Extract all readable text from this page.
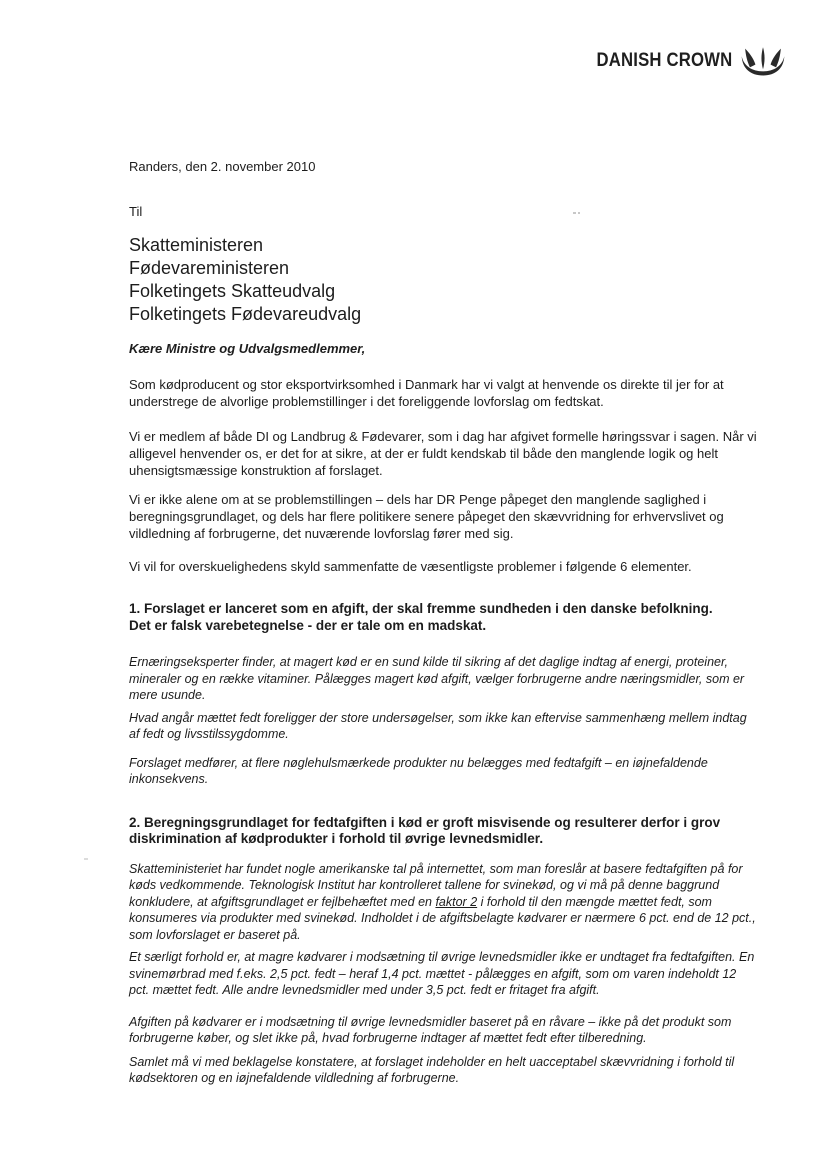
DANISH CROWN
Randers, den 2. november 2010
Til
Skatteministeren
Fødevareministeren
Folketingets Skatteudvalg
Folketingets Fødevareudvalg
Kære Ministre og Udvalgsmedlemmer,

Som kødproducent og stor eksportvirksomhed i Danmark har vi valgt at henvende os direkte til jer for at understrege de alvorlige problemstillinger i det foreliggende lovforslag om fedtskat.

Vi er medlem af både DI og Landbrug & Fødevarer, som i dag har afgivet formelle høringssvar i sagen. Når vi alligevel henvender os, er det for at sikre, at der er fuldt kendskab til både den manglende logik og helt uhensigtsmæssige konstruktion af forslaget.

Vi er ikke alene om at se problemstillingen – dels har DR Penge påpeget den manglende saglighed i beregningsgrundlaget, og dels har flere politikere senere påpeget den skævvridning for erhvervslivet og vildledning af forbrugerne, det nuværende lovforslag fører med sig.

Vi vil for overskuelighedens skyld sammenfatte de væsentligste problemer i følgende 6 elementer.

1. Forslaget er lanceret som en afgift, der skal fremme sundheden i den danske befolkning.
Det er falsk varebetegnelse - der er tale om en madskat.

Ernæringseksperter finder, at magert kød er en sund kilde til sikring af det daglige indtag af energi, proteiner, mineraler og en række vitaminer. Pålægges magert kød afgift, vælger forbrugerne andre næringsmidler, som er mere usunde.

Hvad angår mættet fedt foreligger der store undersøgelser, som ikke kan eftervise sammenhæng mellem indtag af fedt og livsstilssygdomme.

Forslaget medfører, at flere nøglehulsmærkede produkter nu belægges med fedtafgift – en iøjnefaldende inkonsekvens.

2. Beregningsgrundlaget for fedtafgiften i kød er groft misvisende og resulterer derfor i grov
diskrimination af kødprodukter i forhold til øvrige levnedsmidler.

Skatteministeriet har fundet nogle amerikanske tal på internettet, som man foreslår at basere fedtafgiften på for køds vedkommende. Teknologisk Institut har kontrolleret tallene for svinekød, og vi må på denne baggrund konkludere, at afgiftsgrundlaget er fejlbehæftet med en faktor 2 i forhold til den mængde mættet fedt, som konsumeres via produkter med svinekød. Indholdet i de afgiftsbelagte kødvarer er nærmere 6 pct. end de 12 pct., som lovforslaget er baseret på.

Et særligt forhold er, at magre kødvarer i modsætning til øvrige levnedsmidler ikke er undtaget fra fedtafgiften. En svinemørbrad med f.eks. 2,5 pct. fedt – heraf 1,4 pct. mættet - pålægges en afgift, som om varen indeholdt 12 pct. mættet fedt. Alle andre levnedsmidler med under 3,5 pct. fedt er fritaget fra afgift.

Afgiften på kødvarer er i modsætning til øvrige levnedsmidler baseret på en råvare – ikke på det produkt som forbrugerne køber, og slet ikke på, hvad forbrugerne indtager af mættet fedt efter tilberedning.

Samlet må vi med beklagelse konstatere, at forslaget indeholder en helt uacceptabel skævvridning i forhold til kødsektoren og en iøjnefaldende vildledning af forbrugerne.
